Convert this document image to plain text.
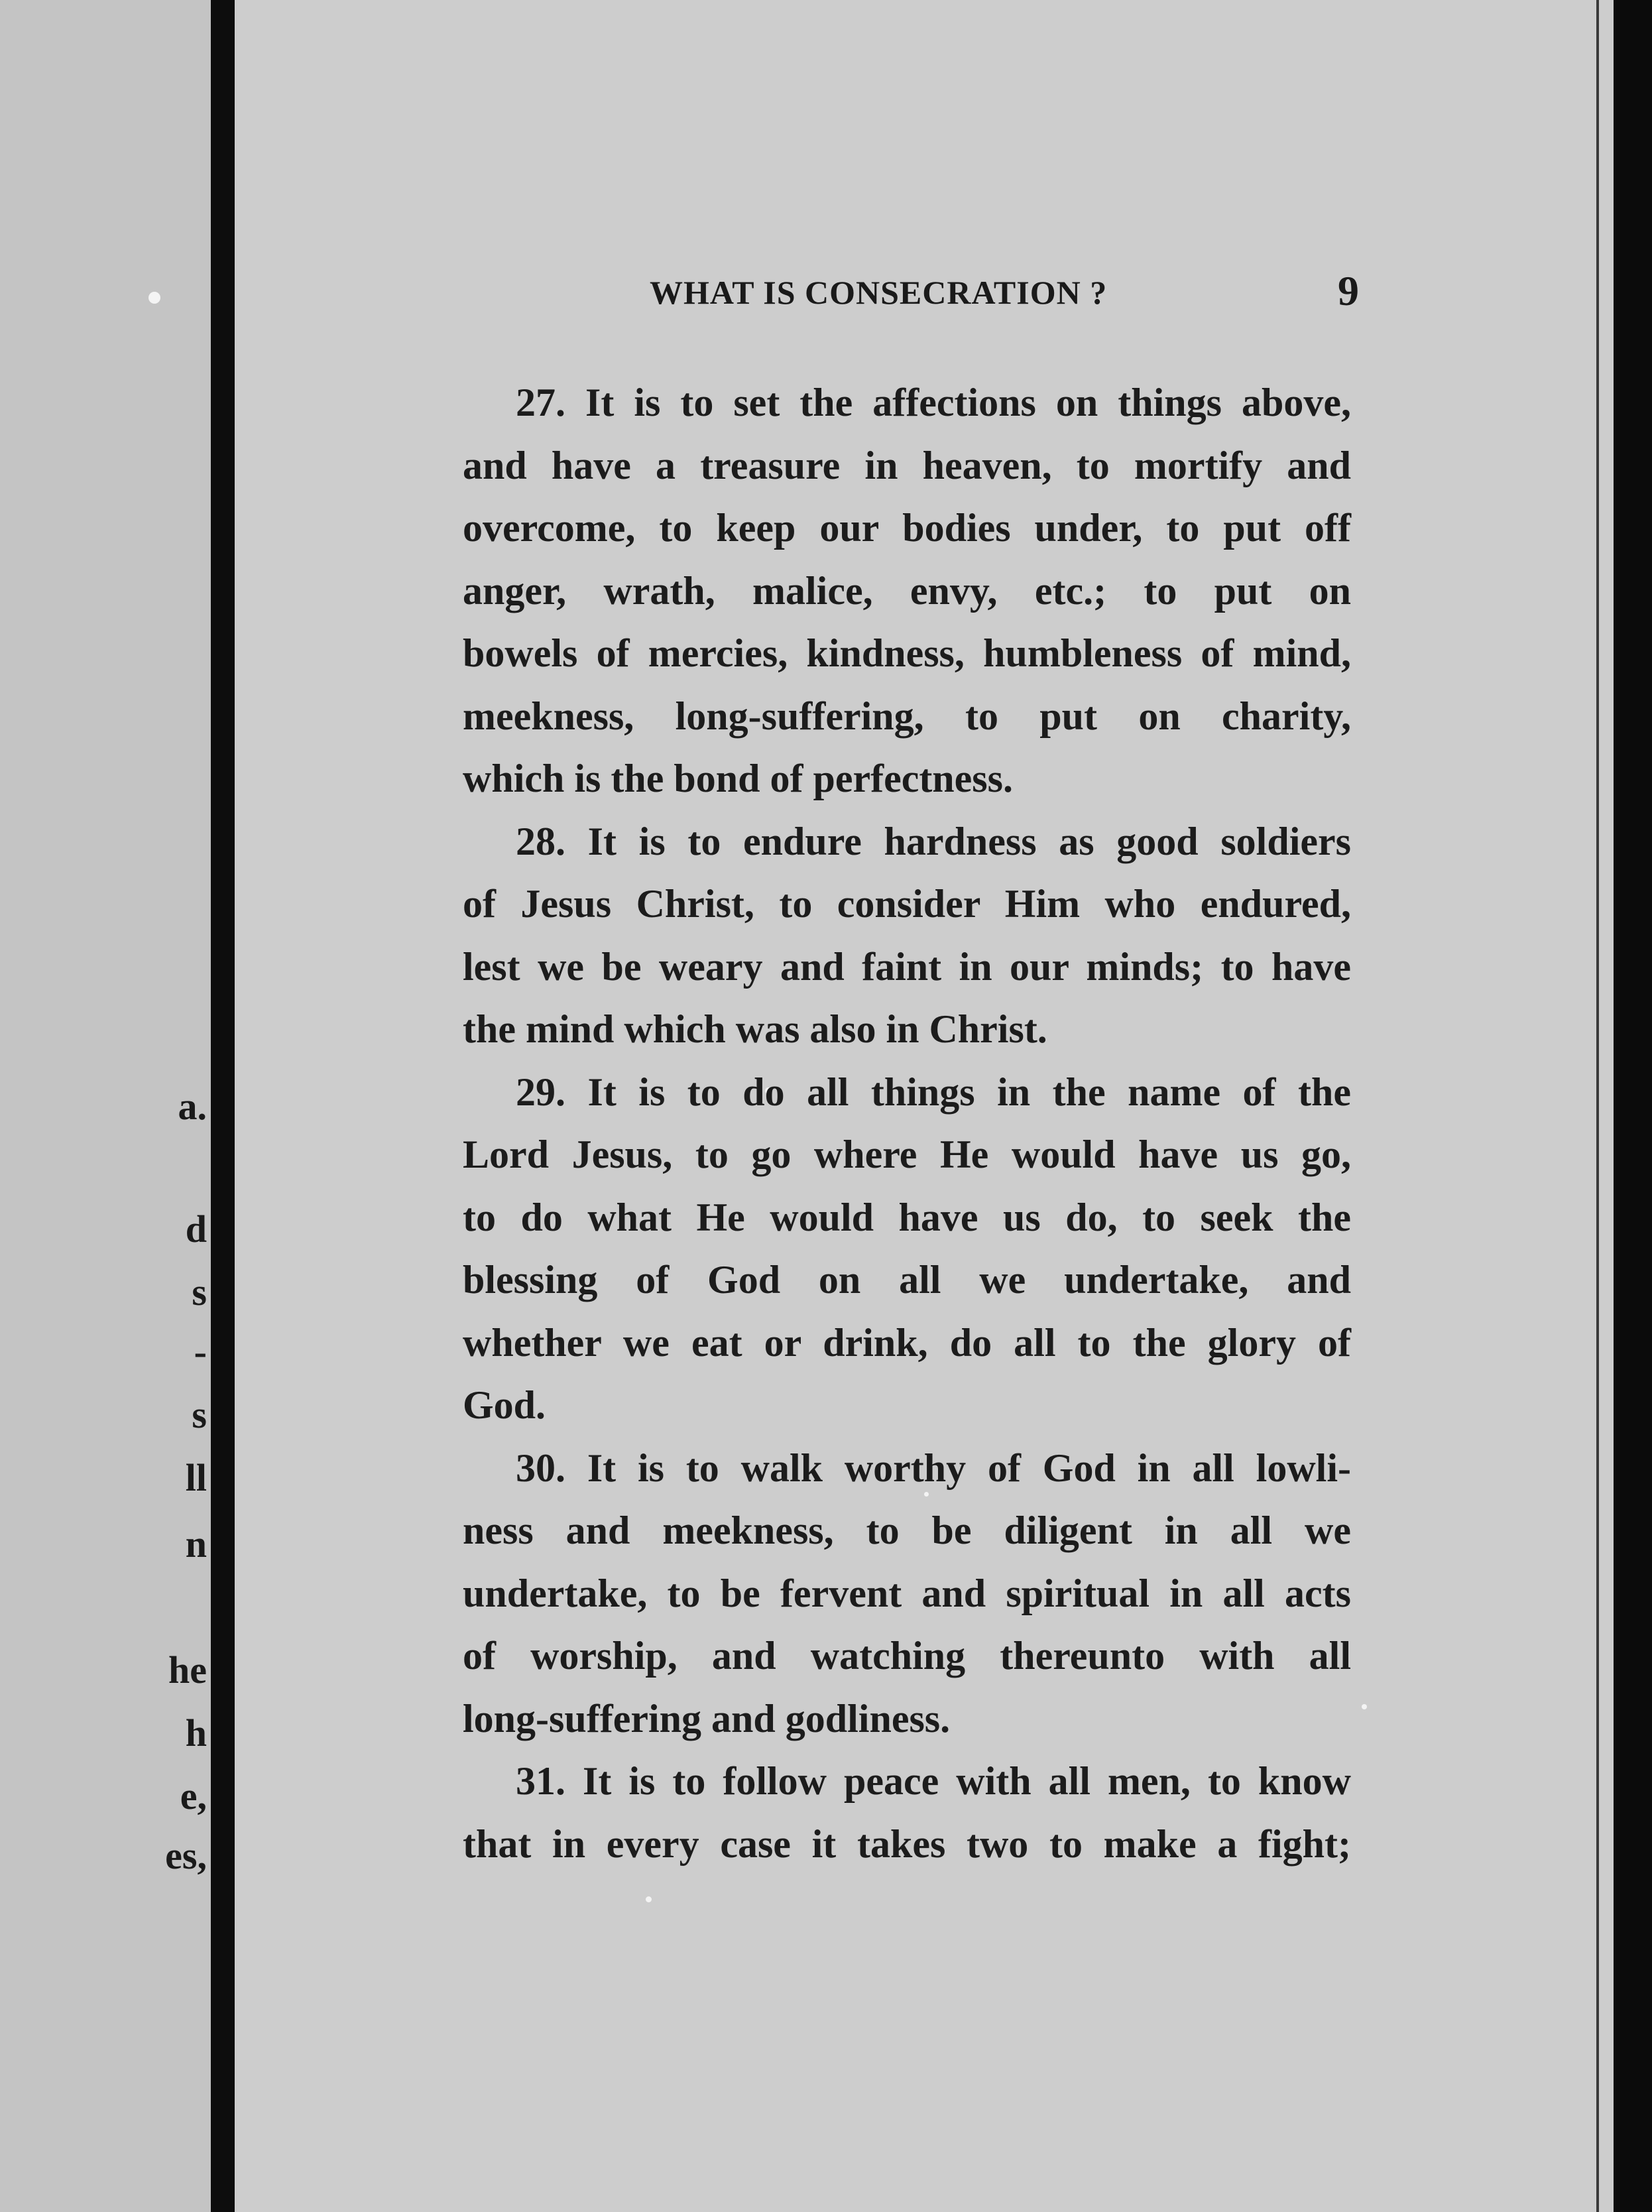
a.
d
s
-
s
ll
n
he
h
e,
es,
WHAT IS CONSECRATION ?	9
27. It is to set the affections on things above,
and have a treasure in heaven, to mortify and
overcome, to keep our bodies under, to put off
anger, wrath, malice, envy, etc.; to put on
bowels of mercies, kindness, humbleness of mind,
meekness, long-suffering, to put on charity,
which is the bond of perfectness.
28. It is to endure hardness as good soldiers
of Jesus Christ, to consider Him who endured,
lest we be weary and faint in our minds; to have
the mind which was also in Christ.
29. It is to do all things in the name of the
Lord Jesus, to go where He would have us go,
to do what He would have us do, to seek the
blessing of God on all we undertake, and
whether we eat or drink, do all to the glory of
God.
30. It is to walk worthy of God in all lowli-
ness and meekness, to be diligent in all we
undertake, to be fervent and spiritual in all acts
of worship, and watching thereunto with all
long-suffering and godliness.
31. It is to follow peace with all men, to know
that in every case it takes two to make a fight;
